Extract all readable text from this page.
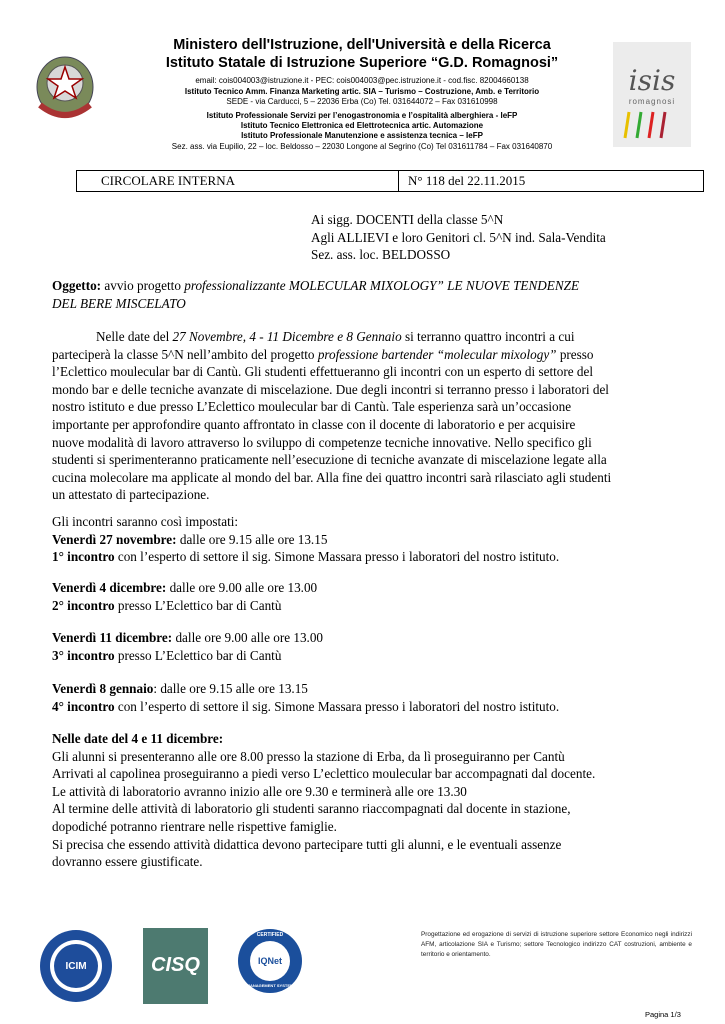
Ministero dell'Istruzione, dell'Università e della Ricerca
Istituto Statale di Istruzione Superiore “G.D. Romagnosi”
email: cois004003@istruzione.it - PEC: cois004003@pec.istruzione.it - cod.fisc. 82004660138
Istituto Tecnico Amm. Finanza Marketing artic. SIA – Turismo – Costruzione, Amb. e Territorio
SEDE - via Carducci, 5 – 22036 Erba (Co) Tel. 031644072 – Fax 031610998
Istituto Professionale Servizi per l’enogastronomia e l’ospitalità alberghiera - IeFP
Istituto Tecnico Elettronica ed Elettrotecnica artic. Automazione
Istituto Professionale Manutenzione e assistenza tecnica – IeFP
Sez. ass. via Eupilio, 22 – loc. Beldosso – 22030 Longone al Segrino (Co) Tel 031611784 – Fax 031640870
isis
romagnosi
CIRCOLARE INTERNA	N° 118 del 22.11.2015
Ai sigg. DOCENTI della classe 5^N
Agli ALLIEVI e loro Genitori cl. 5^N ind. Sala-Vendita
Sez. ass. loc. BELDOSSO
Oggetto: avvio progetto professionalizzante MOLECULAR MIXOLOGY” LE NUOVE TENDENZE
DEL BERE MISCELATO
Nelle date del 27 Novembre, 4 - 11 Dicembre e 8 Gennaio si terranno quattro incontri a cui
parteciperà la classe 5^N nell’ambito del progetto professione bartender “molecular mixology” presso
l’Eclettico moulecular bar di Cantù. Gli studenti effettueranno gli incontri con un esperto di settore del
mondo bar e delle tecniche avanzate di miscelazione. Due degli incontri si terranno presso i laboratori del
nostro istituto e due presso L’Eclettico moulecular bar di Cantù. Tale esperienza sarà un’occasione
importante per approfondire quanto affrontato in classe con il docente di laboratorio e per acquisire
nuove modalità di lavoro attraverso lo sviluppo di competenze tecniche innovative. Nello specifico gli
studenti si sperimenteranno praticamente nell’esecuzione di tecniche avanzate di miscelazione legate alla
cucina molecolare ma applicate al mondo del bar. Alla fine dei quattro incontri sarà rilasciato agli studenti
un attestato di partecipazione.
Gli incontri saranno così impostati:
Venerdì 27 novembre: dalle ore 9.15 alle ore 13.15
1° incontro con l’esperto di settore il sig. Simone Massara presso i laboratori del nostro istituto.
Venerdì 4 dicembre: dalle ore 9.00 alle ore 13.00
2° incontro presso L’Eclettico bar di Cantù
Venerdì 11 dicembre: dalle ore 9.00 alle ore 13.00
3° incontro presso L’Eclettico bar di Cantù
Venerdì 8 gennaio: dalle ore 9.15 alle ore 13.15
4° incontro con l’esperto di settore il sig. Simone Massara presso i laboratori del nostro istituto.
Nelle date del 4 e 11 dicembre:
Gli alunni si presenteranno alle ore 8.00 presso la stazione di Erba, da lì proseguiranno per Cantù
Arrivati al capolinea proseguiranno a piedi verso L’eclettico moulecular bar accompagnati dal docente.
Le attività di laboratorio avranno inizio alle ore 9.30 e terminerà alle ore 13.30
Al termine delle attività di laboratorio gli studenti saranno riaccompagnati dal docente in stazione,
dopodiché potranno rientrare nelle rispettive famiglie.
Si precisa che essendo attività didattica devono partecipare tutti gli alunni, e le eventuali assenze
dovranno essere giustificate.
ICIM	CISQ
CERTIFIED
IQNet
MANAGEMENT SYSTEM
Progettazione ed erogazione di servizi di istruzione superiore settore Economico negli indirizzi AFM, articolazione SIA e Turismo; settore Tecnologico indirizzo CAT costruzioni, ambiente e territorio e orientamento.
Pagina 1/3
